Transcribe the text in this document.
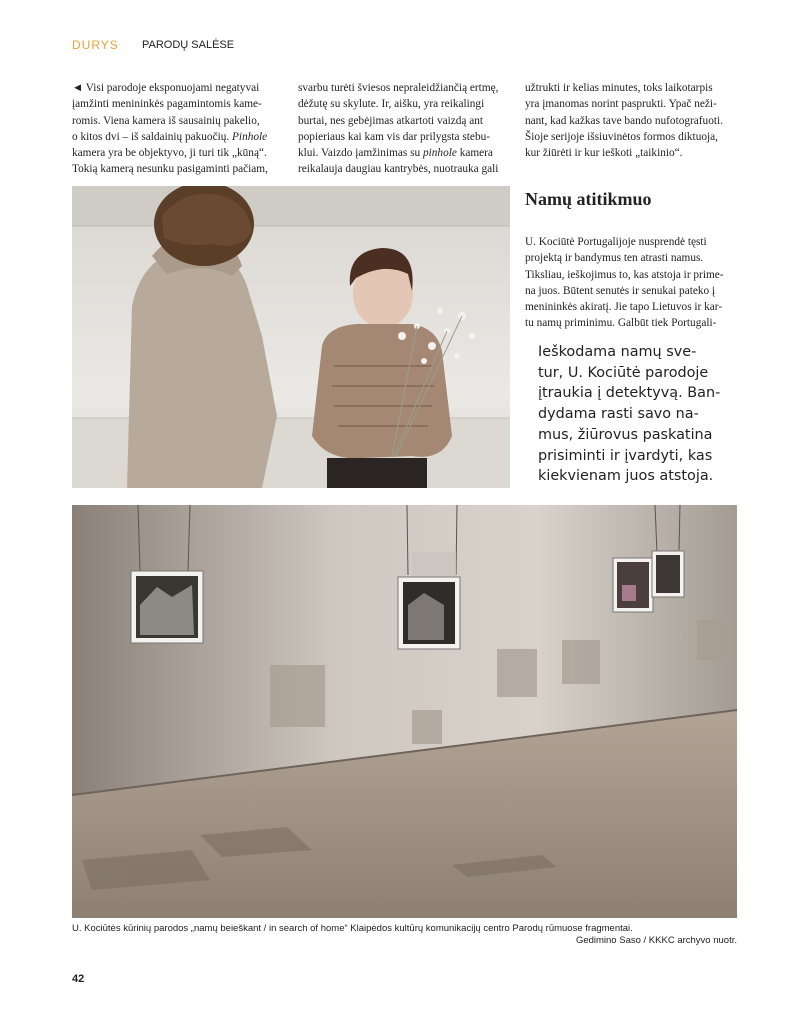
DURYS PARODŲ SALĖSE
◄ Visi parodoje eksponuojami negatyvai
įamžinti menininkės pagamintomis kame-
romis. Viena kamera iš sausainių pakelio,
o kitos dvi – iš saldainių pakuočių. Pinhole
kamera yra be objektyvo, ji turi tik „kūną“.
Tokią kamerą nesunku pasigaminti pačiam,
svarbu turėti šviesos nepraleidžiančią ertmę,
dėžutę su skylute. Ir, aišku, yra reikalingi
burtai, nes gebėjimas atkartoti vaizdą ant
popieriaus kai kam vis dar prilygsta stebu-
klui. Vaizdo įamžinimas su pinhole kamera
reikalauja daugiau kantrybės, nuotrauka gali
užtrukti ir kelias minutes, toks laikotarpis
yra įmanomas norint pasprukti. Ypač neži-
nant, kad kažkas tave bando nufotografuoti.
Šioje serijoje išsiuvinėtos formos diktuoja,
kur žiūrėti ir kur ieškoti „taikinio“.
Namų atitikmuo
U. Kociūtė Portugalijoje nusprendė tęsti
projektą ir bandymus ten atrasti namus.
Tiksliau, ieškojimus to, kas atstoja ir prime-
na juos. Būtent senutės ir senukai pateko į
menininkės akiratį. Jie tapo Lietuvos ir kar-
tu namų priminimu. Galbūt tiek Portugali-
Ieškodama namų sve-
tur, U. Kociūtė parodoje
įtraukia į detektyvą. Ban-
dydama rasti savo na-
mus, žiūrovus paskatina
prisiminti ir įvardyti, kas
kiekvienam juos atstoja.
U. Kociūtės kūrinių parodos „namų beieškant / in search of home“ Klaipėdos kultūrų komunikacijų centro Parodų rūmuose fragmentai.
Gedimino Saso / KKKC archyvo nuotr.
42
